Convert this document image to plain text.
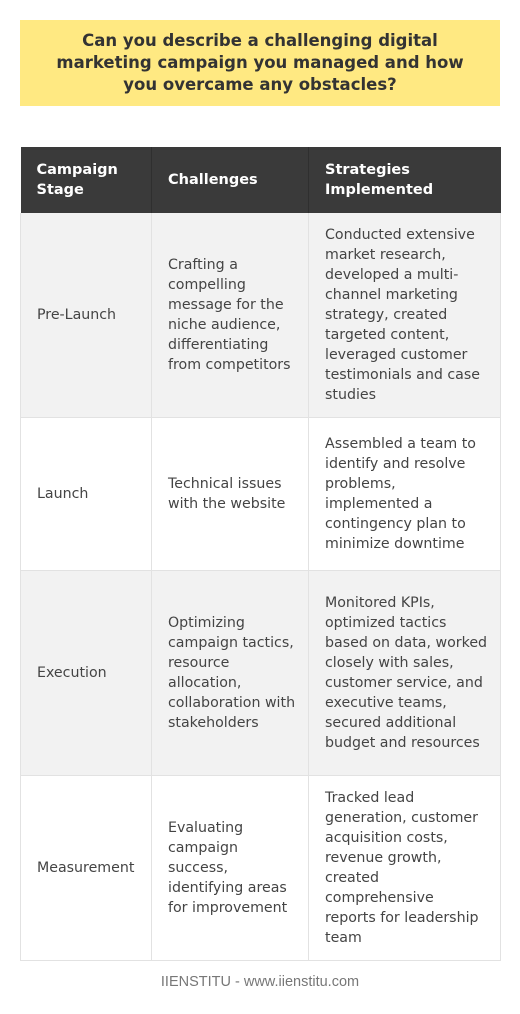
Can you describe a challenging digital marketing campaign you managed and how you overcame any obstacles?
Campaign Stage	Challenges	Strategies Implemented
Pre-Launch	Crafting a compelling message for the niche audience, differentiating from competitors	Conducted extensive market research, developed a multi-channel marketing strategy, created targeted content, leveraged customer testimonials and case studies
Launch	Technical issues with the website	Assembled a team to identify and resolve problems, implemented a contingency plan to minimize downtime
Execution	Optimizing campaign tactics, resource allocation, collaboration with stakeholders	Monitored KPIs, optimized tactics based on data, worked closely with sales, customer service, and executive teams, secured additional budget and resources
Measurement	Evaluating campaign success, identifying areas for improvement	Tracked lead generation, customer acquisition costs, revenue growth, created comprehensive reports for leadership team
IIENSTITU - www.iienstitu.com
